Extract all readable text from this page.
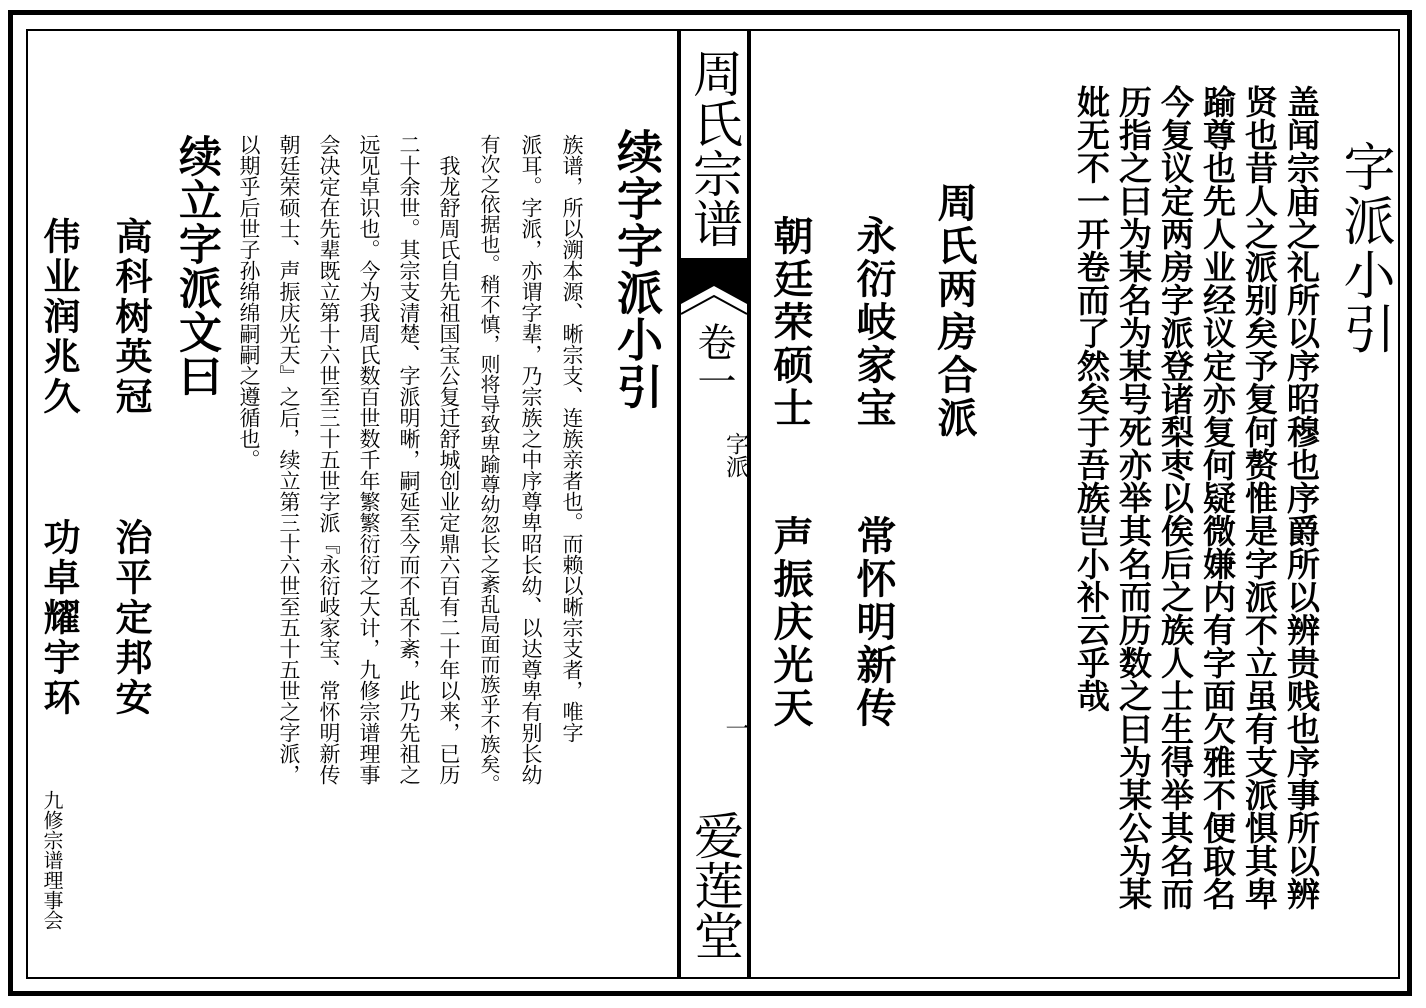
周氏宗谱
卷一
字派
一
爱莲堂
字派小引
盖闻宗庙之礼所以序昭穆也序爵所以辨贵贱也序事所以辨
贤也昔人之派别矣予复何赘惟是字派不立虽有支派惧其卑
踰尊也先人业经议定亦复何疑微嫌内有字面欠雅不便取名
今复议定两房字派登诸梨枣以俟后之族人士生得举其名而
历指之曰为某名为某号死亦举其名而历数之曰为某公为某
妣无不一开卷而了然矣于吾族岂小补云乎哉
周氏两房合派
永衍岐家宝
常怀明新传
朝廷荣硕士
声振庆光天
续字字派小引
族谱，所以溯本源、晰宗支、连族亲者也。而赖以晰宗支者，唯字
派耳。字派，亦谓字辈，乃宗族之中序尊卑昭长幼、以达尊卑有别长幼
有次之依据也。稍不慎，则将导致卑踰尊幼忽长之紊乱局面而族乎不族矣。
　我龙舒周氏自先祖国宝公复迁舒城创业定鼎六百有二十年以来，已历
二十余世。其宗支清楚、字派明晰，嗣延至今而不乱不紊，此乃先祖之
远见卓识也。今为我周氏数百世数千年繁繁衍衍之大计，九修宗谱理事
会决定在先辈既立第十六世至三十五世字派『永衍岐家宝、常怀明新传
朝廷荣硕士、声振庆光天』之后，续立第三十六世至五十五世之字派，
以期乎后世子孙绵绵嗣嗣之遵循也。
续立字派文曰
高科树英冠
治平定邦安
伟业润兆久
功卓耀宇环
九修宗谱理事会
